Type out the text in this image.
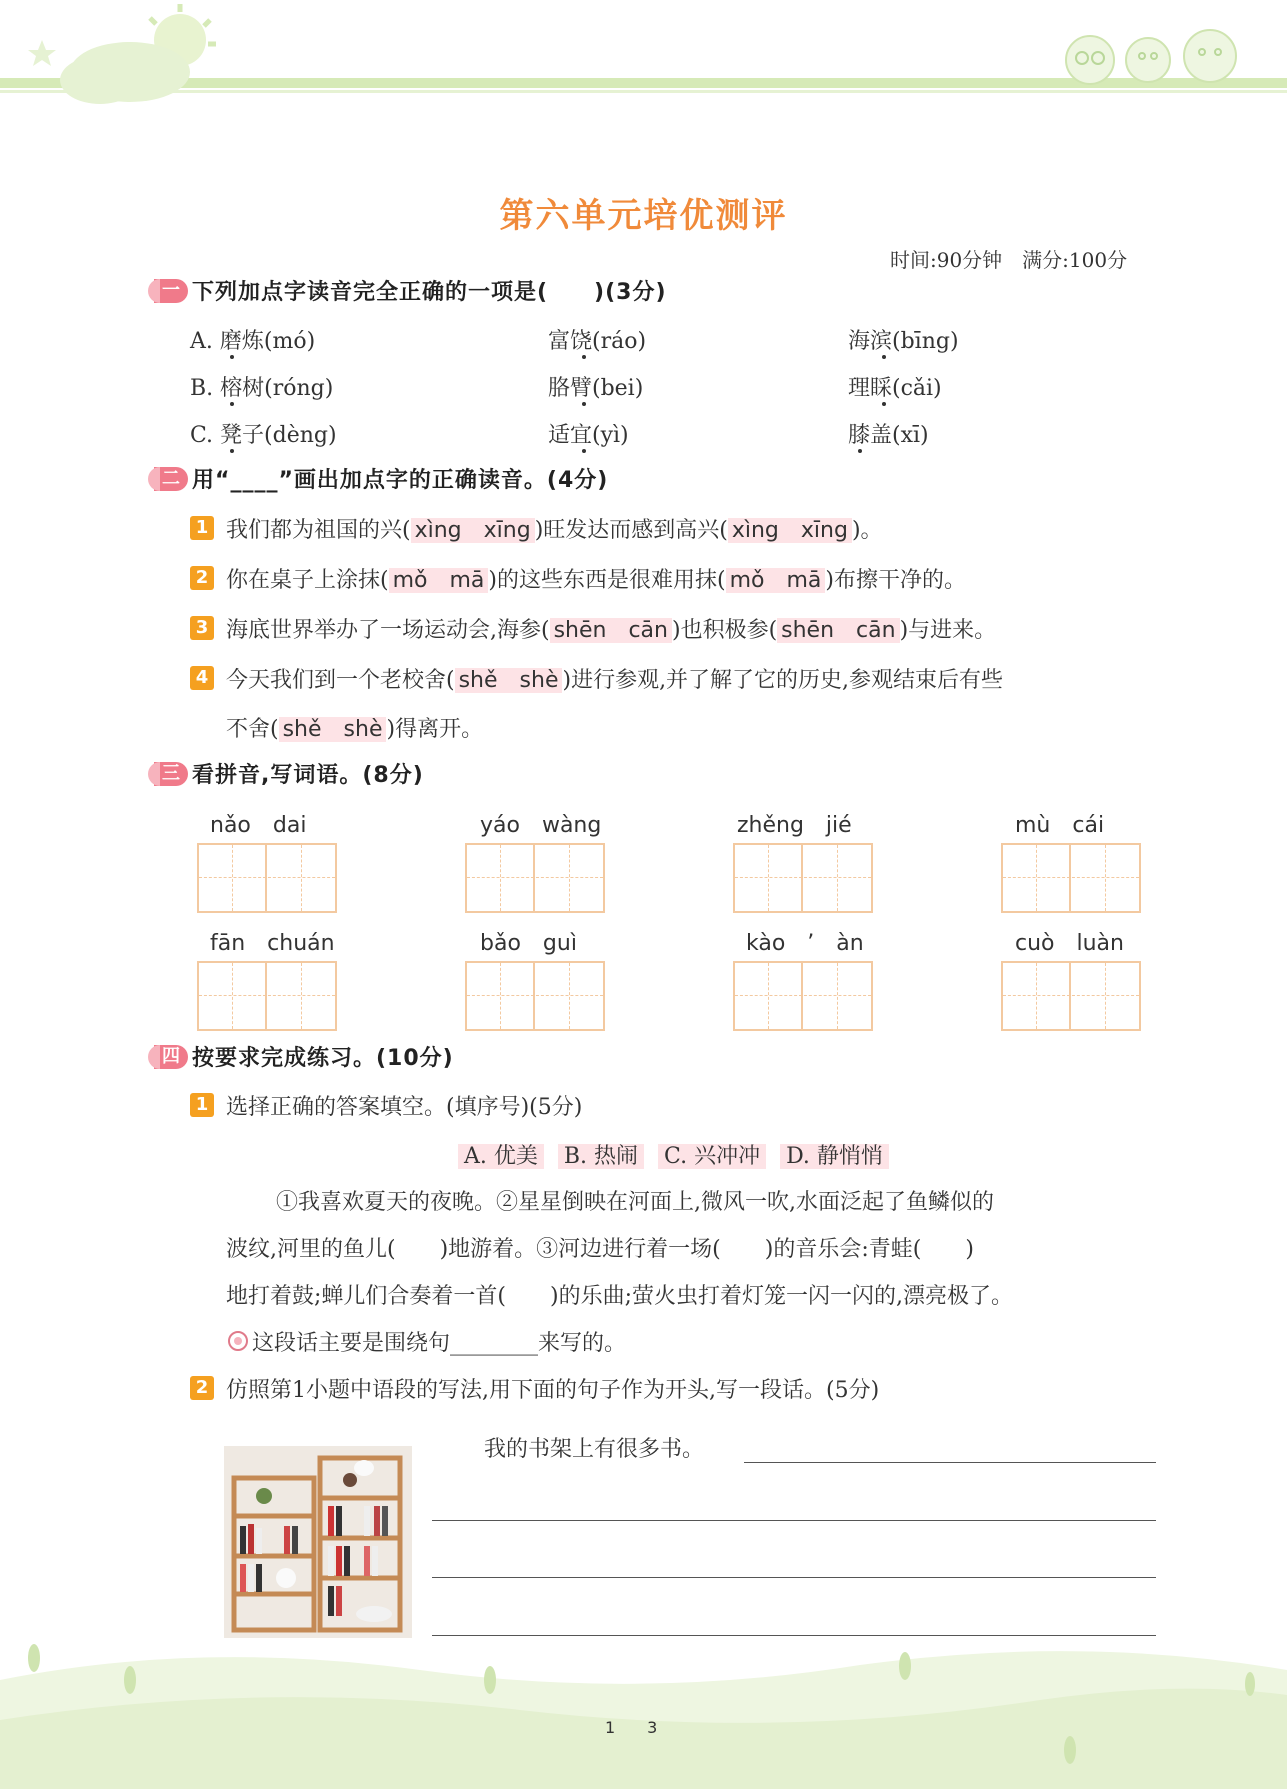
第六单元培优测评
时间:90分钟　满分:100分
一 下列加点字读音完全正确的一项是(　　)(3分)
A. 磨炼(mó)	富饶(ráo)	海滨(bīng)
B. 榕树(róng)	胳臂(bei)	理睬(cǎi)
C. 凳子(dèng)	适宜(yì)	膝盖(xī)
二 用“____”画出加点字的正确读音。(4分)
1 我们都为祖国的兴( xìng　xīng )旺发达而感到高兴( xìng　xīng )。
2 你在桌子上涂抹( mǒ　mā )的这些东西是很难用抹( mǒ　mā )布擦干净的。
3 海底世界举办了一场运动会,海参( shēn　cān )也积极参( shēn　cān )与进来。
4 今天我们到一个老校舍( shě　shè )进行参观,并了解了它的历史,参观结束后有些
不舍( shě　shè )得离开。
三 看拼音,写词语。(8分)
nǎo　dai	yáo　wàng	zhěng　jié	mù　cái
fān　chuán	bǎo　guì	kào　’　àn	cuò　luàn
四 按要求完成练习。(10分)
1 选择正确的答案填空。(填序号)(5分)
A. 优美 B. 热闹 C. 兴冲冲 D. 静悄悄
①我喜欢夏天的夜晚。②星星倒映在河面上,微风一吹,水面泛起了鱼鳞似的
波纹,河里的鱼儿(　　)地游着。③河边进行着一场(　　)的音乐会:青蛙(　　)
地打着鼓;蝉儿们合奏着一首(　　)的乐曲;萤火虫打着灯笼一闪一闪的,漂亮极了。
这段话主要是围绕句________来写的。
2 仿照第1小题中语段的写法,用下面的句子作为开头,写一段话。(5分)
我的书架上有很多书。
1　　3
